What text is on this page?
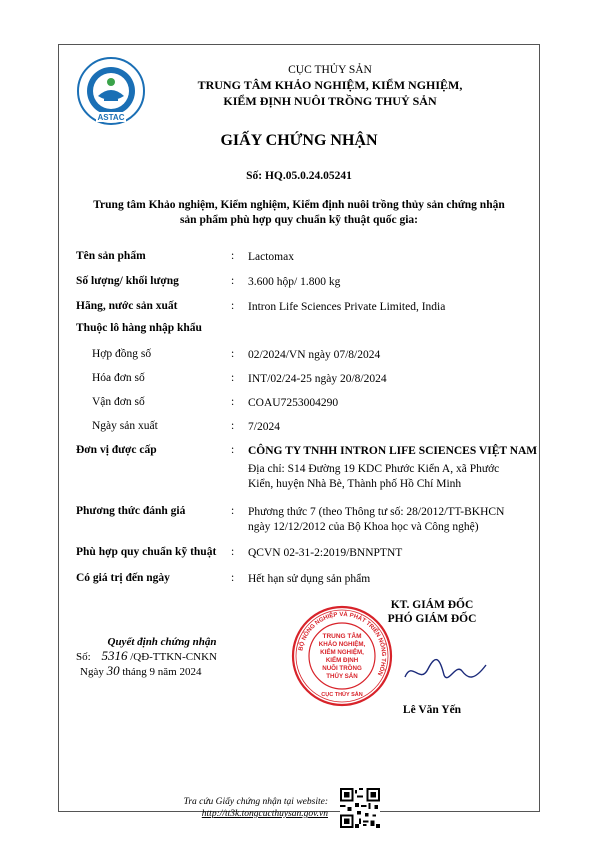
ASTAC
CỤC THỦY SẢN
TRUNG TÂM KHẢO NGHIỆM, KIỂM NGHIỆM,
KIỂM ĐỊNH NUÔI TRỒNG THUỶ SẢN
GIẤY CHỨNG NHẬN
Số: HQ.05.0.24.05241
Trung tâm Khảo nghiệm, Kiểm nghiệm, Kiểm định nuôi trồng thủy sản chứng nhận
sản phẩm phù hợp quy chuẩn kỹ thuật quốc gia:
Tên sản phẩm	: Lactomax
Số lượng/ khối lượng	: 3.600 hộp/ 1.800 kg
Hãng, nước sản xuất	: Intron Life Sciences Private Limited, India
Thuộc lô hàng nhập khẩu
Hợp đồng số	: 02/2024/VN ngày 07/8/2024
Hóa đơn số	: INT/02/24-25 ngày 20/8/2024
Vận đơn số	: COAU7253004290
Ngày sản xuất	: 7/2024
Đơn vị được cấp	: CÔNG TY TNHH INTRON LIFE SCIENCES VIỆT NAM
Địa chỉ: S14 Đường 19 KDC Phước Kiển A, xã Phước
Kiển, huyện Nhà Bè, Thành phố Hồ Chí Minh
Phương thức đánh giá	: Phương thức 7 (theo Thông tư số: 28/2012/TT-BKHCN
ngày 12/12/2012 của Bộ Khoa học và Công nghệ)
Phù hợp quy chuẩn kỹ thuật : QCVN 02-31-2:2019/BNNPTNT
Có giá trị đến ngày	: Hết hạn sử dụng sản phẩm
KT. GIÁM ĐỐC
PHÓ GIÁM ĐỐC
BỘ NÔNG NGHIỆP VÀ PHÁT TRIỂN NÔNG THÔN
TRUNG TÂM
KHẢO NGHIỆM,
KIỂM NGHIỆM,
KIỂM ĐỊNH
NUÔI TRỒNG
THỦY SẢN
CỤC THỦY SẢN
Lê Văn Yến
Quyết định chứng nhận
Số: 5316 /QĐ-TTKN-CNKN
Ngày 30 tháng 9 năm 2024
Tra cứu Giấy chứng nhận tại website:
http://tt3k.tongcucthuysan.gov.vn
